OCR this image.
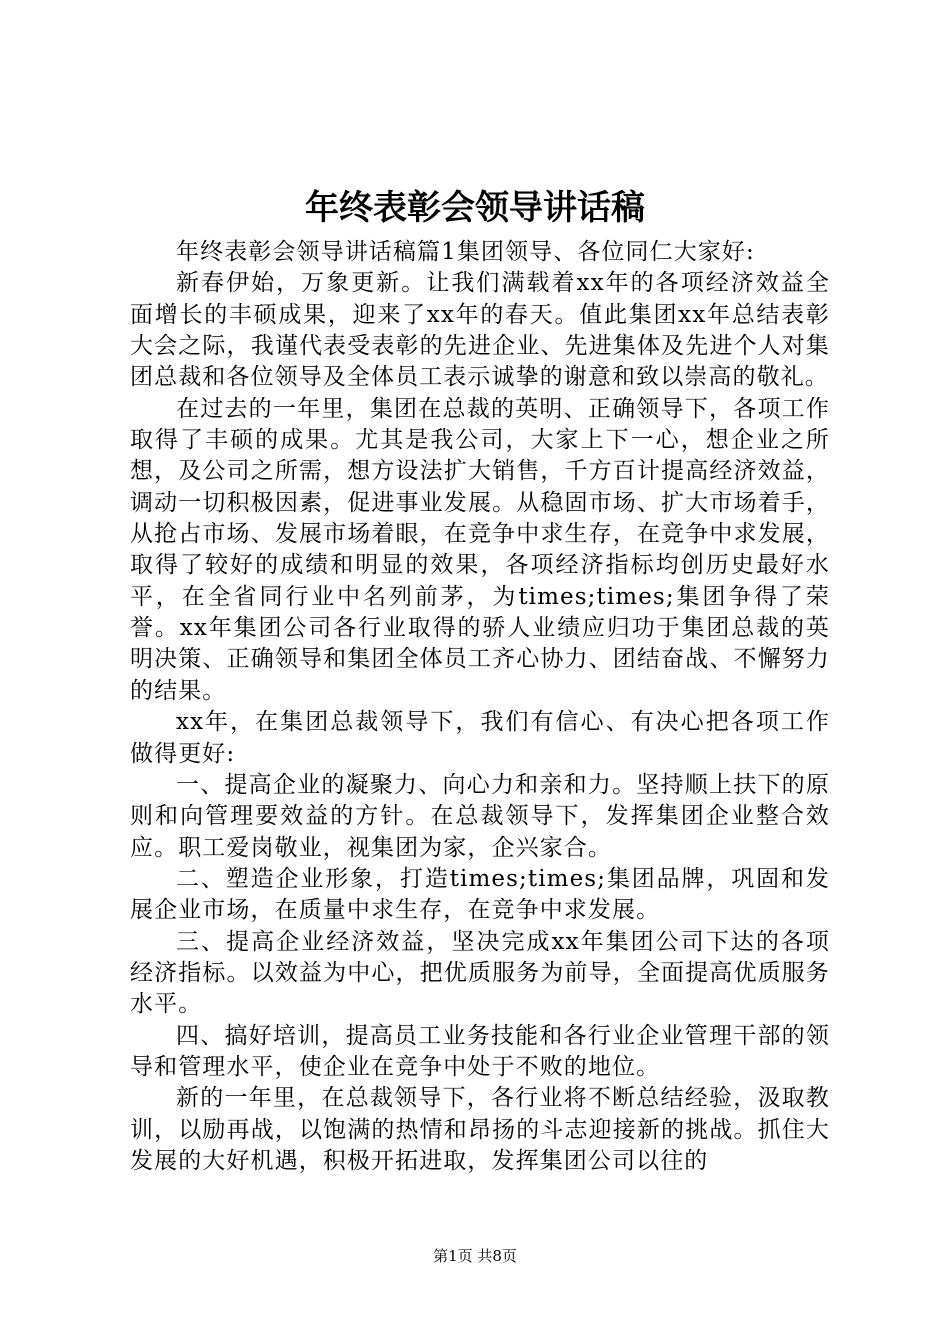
年终表彰会领导讲话稿

年终表彰会领导讲话稿篇1集团领导、各位同仁大家好:

新春伊始，万象更新。让我们满载着xx年的各项经济效益全面增长的丰硕成果，迎来了xx年的春天。值此集团xx年总结表彰大会之际，我谨代表受表彰的先进企业、先进集体及先进个人对集团总裁和各位领导及全体员工表示诚挚的谢意和致以崇高的敬礼。

在过去的一年里，集团在总裁的英明、正确领导下，各项工作取得了丰硕的成果。尤其是我公司，大家上下一心，想企业之所想，及公司之所需，想方设法扩大销售，千方百计提高经济效益，调动一切积极因素，促进事业发展。从稳固市场、扩大市场着手，从抢占市场、发展市场着眼，在竞争中求生存，在竞争中求发展，取得了较好的成绩和明显的效果，各项经济指标均创历史最好水平，在全省同行业中名列前茅，为times;times;集团争得了荣誉。xx年集团公司各行业取得的骄人业绩应归功于集团总裁的英明决策、正确领导和集团全体员工齐心协力、团结奋战、不懈努力的结果。

xx年，在集团总裁领导下，我们有信心、有决心把各项工作做得更好:

一、提高企业的凝聚力、向心力和亲和力。坚持顺上扶下的原则和向管理要效益的方针。在总裁领导下，发挥集团企业整合效应。职工爱岗敬业，视集团为家，企兴家合。

二、塑造企业形象，打造times;times;集团品牌，巩固和发展企业市场，在质量中求生存，在竞争中求发展。

三、提高企业经济效益，坚决完成xx年集团公司下达的各项经济指标。以效益为中心，把优质服务为前导，全面提高优质服务水平。

四、搞好培训，提高员工业务技能和各行业企业管理干部的领导和管理水平，使企业在竞争中处于不败的地位。

新的一年里，在总裁领导下，各行业将不断总结经验，汲取教训，以励再战，以饱满的热情和昂扬的斗志迎接新的挑战。抓住大发展的大好机遇，积极开拓进取，发挥集团公司以往的

第1页 共8页
